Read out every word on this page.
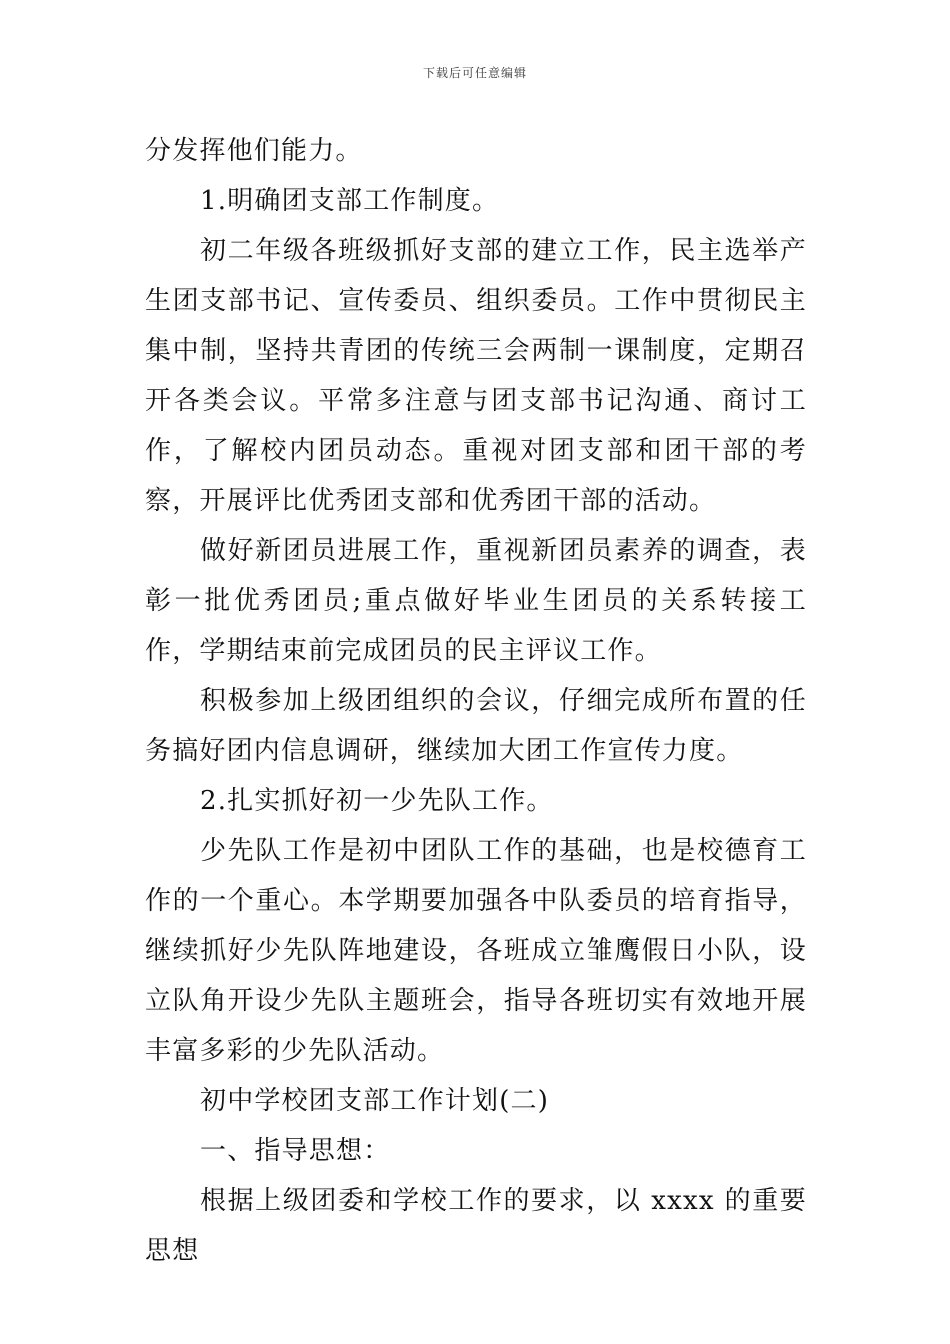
下载后可任意编辑

分发挥他们能力。

1.明确团支部工作制度。

初二年级各班级抓好支部的建立工作，民主选举产生团支部书记、宣传委员、组织委员。工作中贯彻民主集中制，坚持共青团的传统三会两制一课制度，定期召开各类会议。平常多注意与团支部书记沟通、商讨工作，了解校内团员动态。重视对团支部和团干部的考察，开展评比优秀团支部和优秀团干部的活动。

做好新团员进展工作，重视新团员素养的调查，表彰一批优秀团员;重点做好毕业生团员的关系转接工作，学期结束前完成团员的民主评议工作。

积极参加上级团组织的会议，仔细完成所布置的任务搞好团内信息调研，继续加大团工作宣传力度。

2.扎实抓好初一少先队工作。

少先队工作是初中团队工作的基础，也是校德育工作的一个重心。本学期要加强各中队委员的培育指导，继续抓好少先队阵地建设，各班成立雏鹰假日小队，设立队角开设少先队主题班会，指导各班切实有效地开展丰富多彩的少先队活动。

初中学校团支部工作计划(二)

一、指导思想：

根据上级团委和学校工作的要求，以 xxxx 的重要思想
